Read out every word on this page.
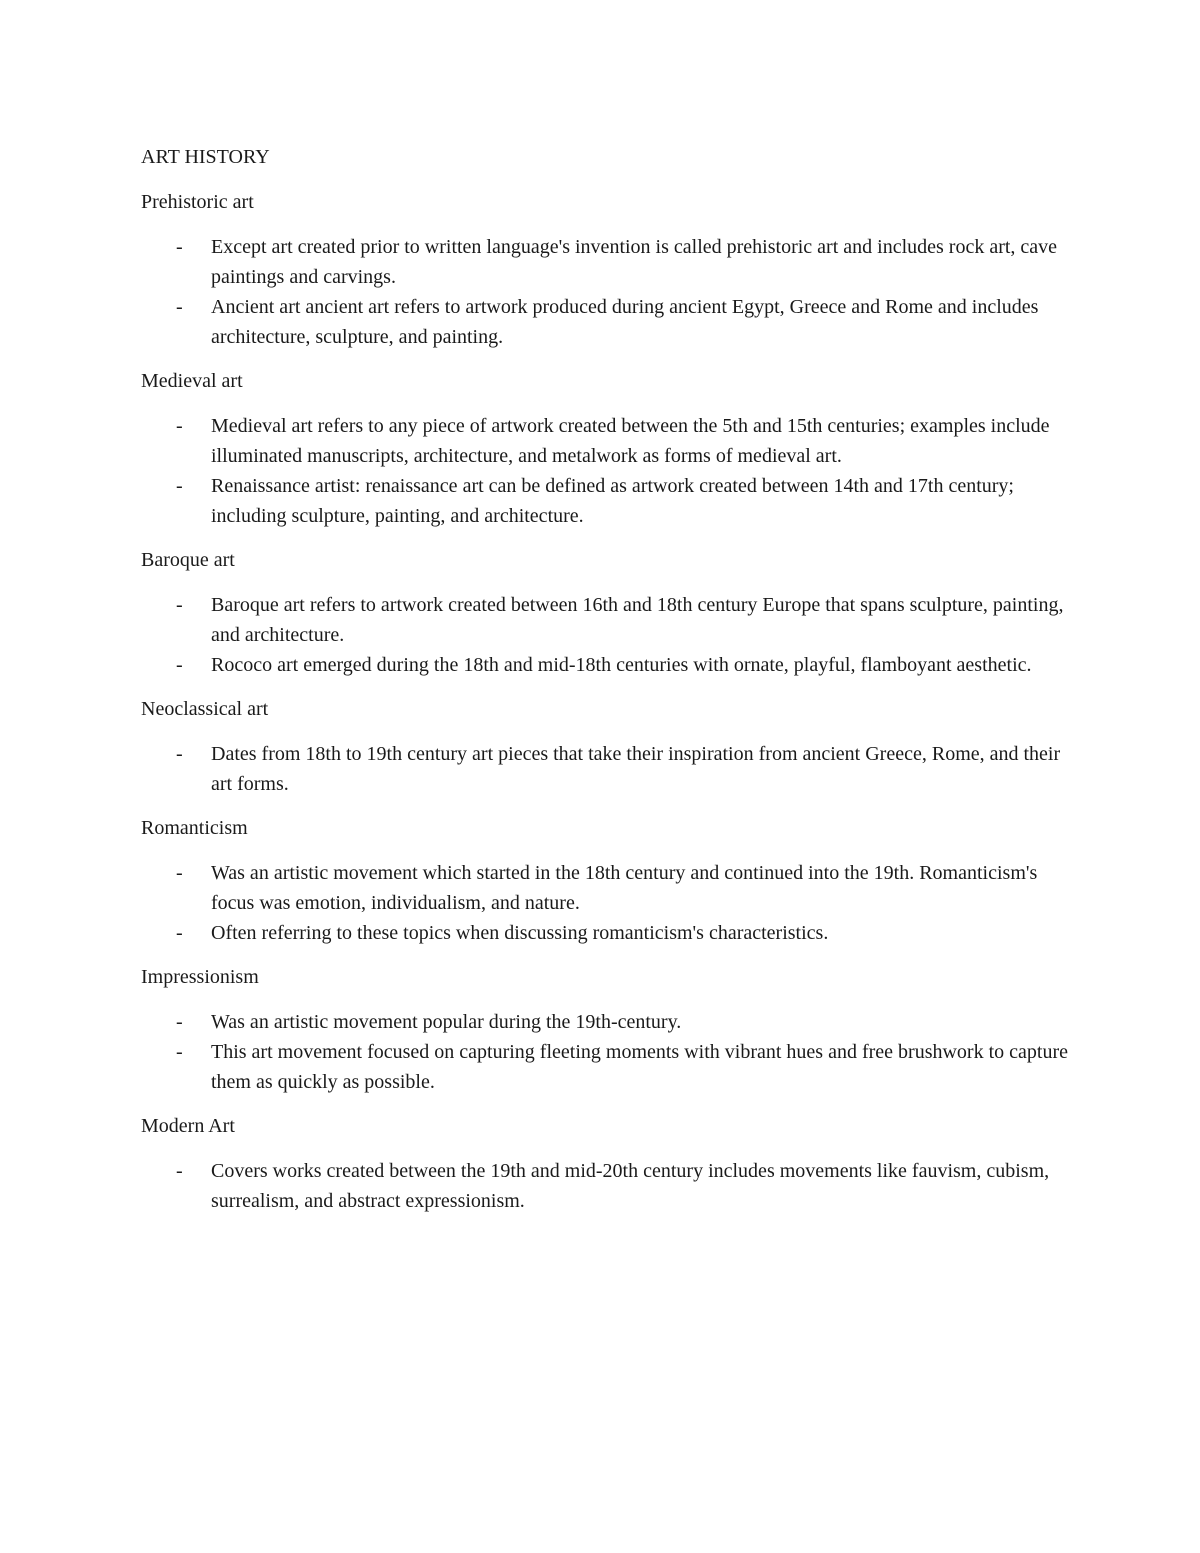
ART HISTORY
Prehistoric art
- Except art created prior to written language's invention is called prehistoric art and includes rock art, cave paintings and carvings.
- Ancient art ancient art refers to artwork produced during ancient Egypt, Greece and Rome and includes architecture, sculpture, and painting.
Medieval art
- Medieval art refers to any piece of artwork created between the 5th and 15th centuries; examples include illuminated manuscripts, architecture, and metalwork as forms of medieval art.
- Renaissance artist: renaissance art can be defined as artwork created between 14th and 17th century; including sculpture, painting, and architecture.
Baroque art
- Baroque art refers to artwork created between 16th and 18th century Europe that spans sculpture, painting, and architecture.
- Rococo art emerged during the 18th and mid-18th centuries with ornate, playful, flamboyant aesthetic.
Neoclassical art
- Dates from 18th to 19th century art pieces that take their inspiration from ancient Greece, Rome, and their art forms.
Romanticism
- Was an artistic movement which started in the 18th century and continued into the 19th. Romanticism's focus was emotion, individualism, and nature.
- Often referring to these topics when discussing romanticism's characteristics.
Impressionism
- Was an artistic movement popular during the 19th-century.
- This art movement focused on capturing fleeting moments with vibrant hues and free brushwork to capture them as quickly as possible.
Modern Art
- Covers works created between the 19th and mid-20th century includes movements like fauvism, cubism, surrealism, and abstract expressionism.
